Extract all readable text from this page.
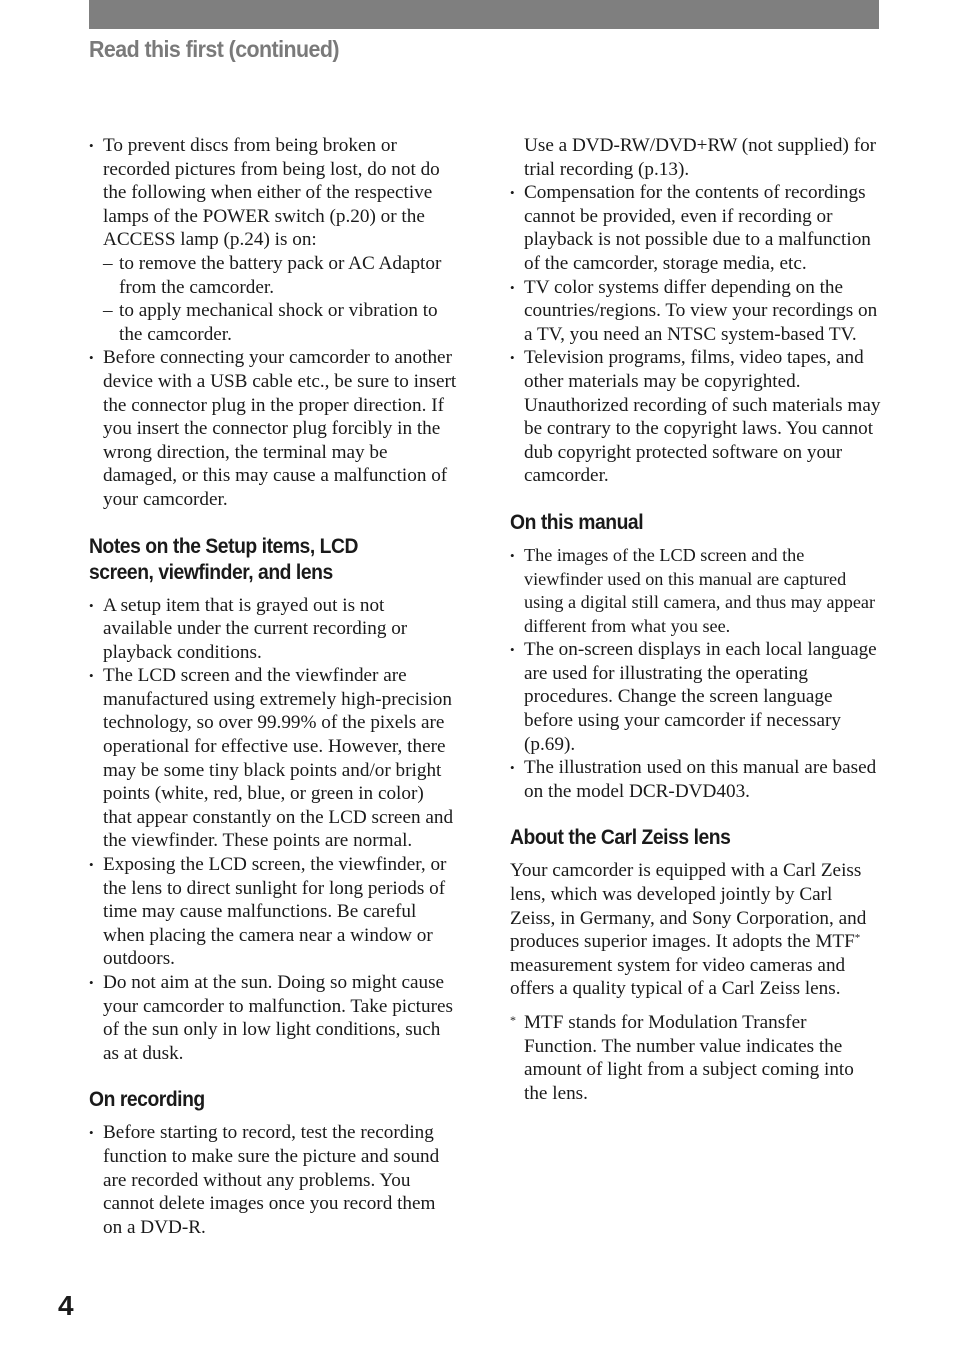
Read this first (continued)
• To prevent discs from being broken or recorded pictures from being lost, do not do the following when either of the respective lamps of the POWER switch (p.20) or the ACCESS lamp (p.24) is on:
– to remove the battery pack or AC Adaptor from the camcorder.
– to apply mechanical shock or vibration to the camcorder.
• Before connecting your camcorder to another device with a USB cable etc., be sure to insert the connector plug in the proper direction. If you insert the connector plug forcibly in the wrong direction, the terminal may be damaged, or this may cause a malfunction of your camcorder.
Notes on the Setup items, LCD
screen, viewfinder, and lens
• A setup item that is grayed out is not available under the current recording or playback conditions.
• The LCD screen and the viewfinder are manufactured using extremely high-precision technology, so over 99.99% of the pixels are operational for effective use. However, there may be some tiny black points and/or bright points (white, red, blue, or green in color) that appear constantly on the LCD screen and the viewfinder. These points are normal.
• Exposing the LCD screen, the viewfinder, or the lens to direct sunlight for long periods of time may cause malfunctions. Be careful when placing the camera near a window or outdoors.
• Do not aim at the sun. Doing so might cause your camcorder to malfunction. Take pictures of the sun only in low light conditions, such as at dusk.
On recording
• Before starting to record, test the recording function to make sure the picture and sound are recorded without any problems. You cannot delete images once you record them on a DVD-R.

Use a DVD-RW/DVD+RW (not supplied) for trial recording (p.13).

• Compensation for the contents of recordings cannot be provided, even if recording or playback is not possible due to a malfunction of the camcorder, storage media, etc.
• TV color systems differ depending on the countries/regions. To view your recordings on a TV, you need an NTSC system-based TV.
• Television programs, films, video tapes, and other materials may be copyrighted. Unauthorized recording of such materials may be contrary to the copyright laws. You cannot dub copyright protected software on your camcorder.
On this manual
• The images of the LCD screen and the viewfinder used on this manual are captured using a digital still camera, and thus may appear different from what you see.
• The on-screen displays in each local language are used for illustrating the operating procedures. Change the screen language before using your camcorder if necessary (p.69).
• The illustration used on this manual are based on the model DCR-DVD403.
About the Carl Zeiss lens

Your camcorder is equipped with a Carl Zeiss lens, which was developed jointly by Carl Zeiss, in Germany, and Sony Corporation, and produces superior images. It adopts the MTF* measurement system for video cameras and offers a quality typical of a Carl Zeiss lens.

* MTF stands for Modulation Transfer Function. The number value indicates the amount of light from a subject coming into the lens.

4
